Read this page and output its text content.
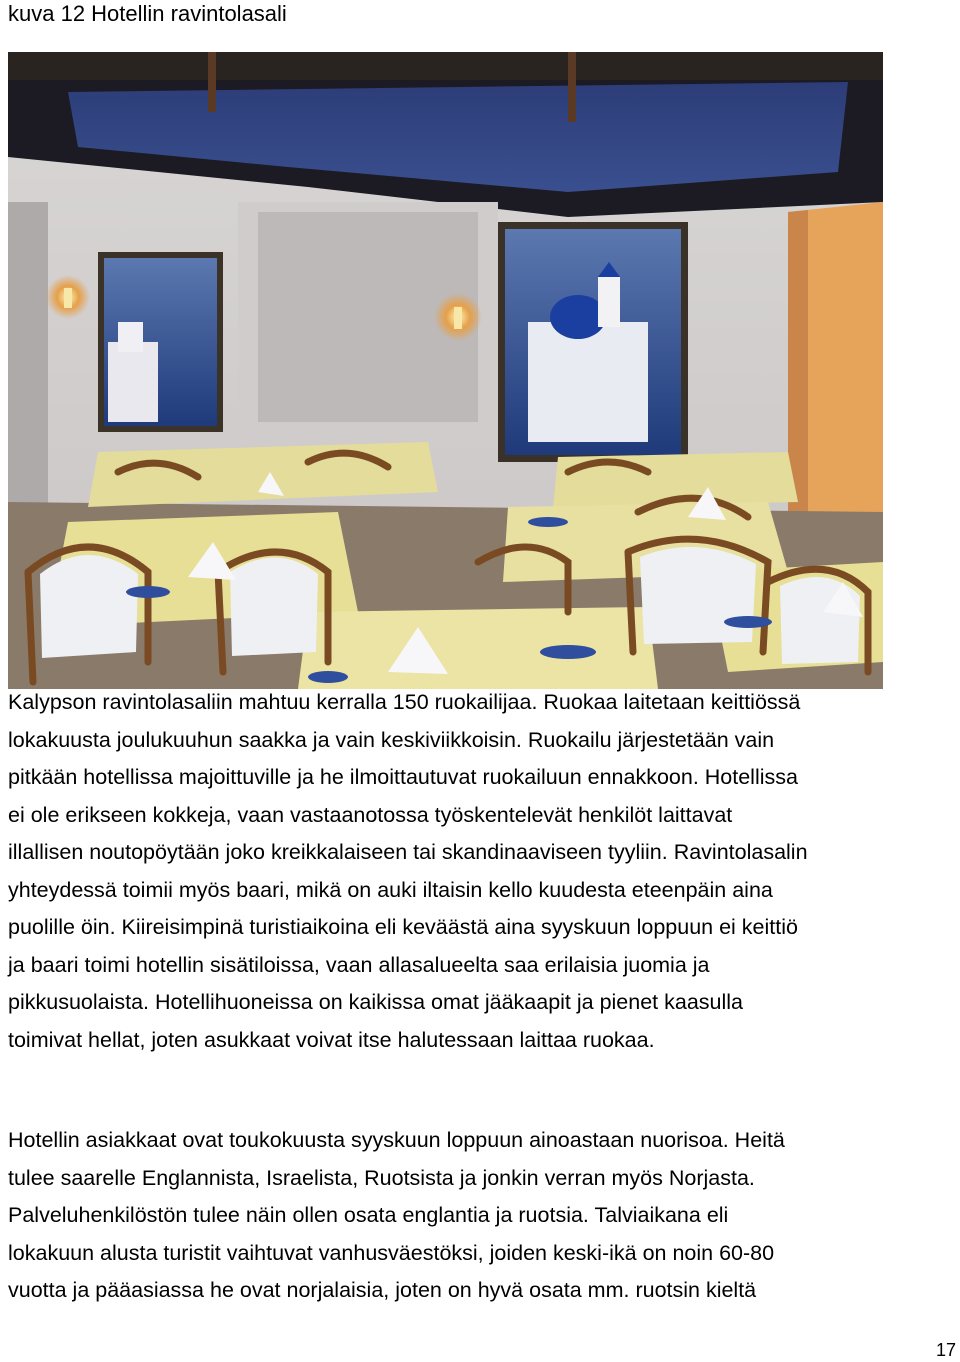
kuva 12 Hotellin ravintolasali

Kalypson ravintolasaliin mahtuu kerralla 150 ruokailijaa. Ruokaa laitetaan keittiössä
lokakuusta joulukuuhun saakka ja vain keskiviikkoisin. Ruokailu järjestetään vain
pitkään hotellissa majoittuville ja he ilmoittautuvat ruokailuun ennakkoon. Hotellissa
ei ole erikseen kokkeja, vaan vastaanotossa työskentelevät henkilöt laittavat
illallisen noutopöytään joko kreikkalaiseen tai skandinaaviseen tyyliin. Ravintolasalin
yhteydessä toimii myös baari, mikä on auki iltaisin kello kuudesta eteenpäin aina
puolille öin. Kiireisimpinä turistiaikoina eli keväästä aina syyskuun loppuun ei keittiö
ja baari toimi hotellin sisätiloissa, vaan allasalueelta saa erilaisia juomia ja
pikkusuolaista. Hotellihuoneissa on kaikissa omat jääkaapit ja pienet kaasulla
toimivat hellat, joten asukkaat voivat itse halutessaan laittaa ruokaa.

Hotellin asiakkaat ovat toukokuusta syyskuun loppuun ainoastaan nuorisoa. Heitä
tulee saarelle Englannista, Israelista, Ruotsista ja jonkin verran myös Norjasta.
Palveluhenkilöstön tulee näin ollen osata englantia ja ruotsia. Talviaikana eli
lokakuun alusta turistit vaihtuvat vanhusväestöksi, joiden keski-ikä on noin 60-80
vuotta ja pääasiassa he ovat norjalaisia, joten on hyvä osata mm. ruotsin kieltä

17
